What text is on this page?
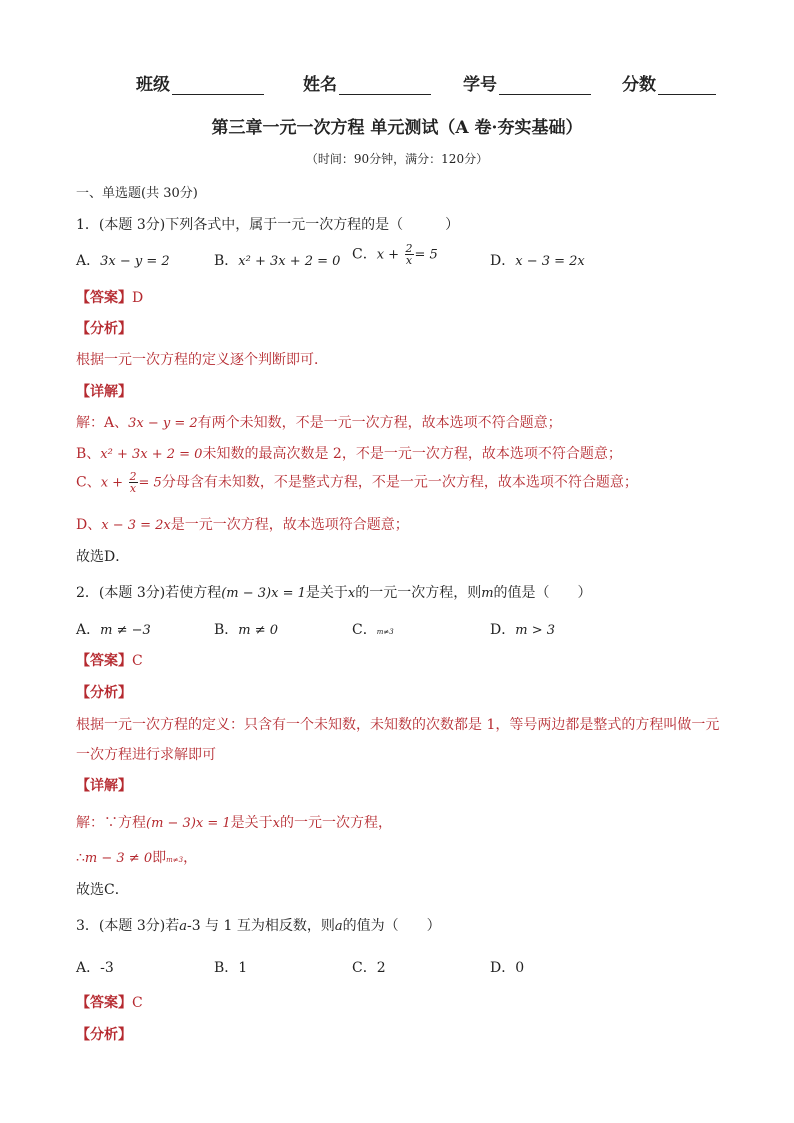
班级	姓名	学号	分数
第三章一元一次方程 单元测试（A 卷·夯实基础）
（时间：90分钟，满分：120分）
一、单选题(共 30分)
1．(本题 3分)下列各式中，属于一元一次方程的是（　　　）
A．3x − y = 2	B．x² + 3x + 2 = 0 C．$x + \frac{2}{x} = 5$	D．x − 3 = 2x
【答案】D
【分析】
根据一元一次方程的定义逐个判断即可．
【详解】
解：A、3x − y = 2有两个未知数，不是一元一次方程，故本选项不符合题意；
B、x² + 3x + 2 = 0未知数的最高次数是 2，不是一元一次方程，故本选项不符合题意；
C、$x + \frac{2}{x} = 5$分母含有未知数，不是整式方程，不是一元一次方程，故本选项不符合题意；
D、x − 3 = 2x是一元一次方程，故本选项符合题意；
故选D．
2．(本题 3分)若使方程(m − 3)x = 1是关于x的一元一次方程，则m的值是（　　）
A．m ≠ −3	B．m ≠ 0	C．m≠3	D．m > 3
【答案】C
【分析】
根据一元一次方程的定义：只含有一个未知数，未知数的次数都是 1，等号两边都是整式的方程叫做一元
一次方程进行求解即可
【详解】
解：∵方程(m − 3)x = 1是关于x的一元一次方程，
∴m − 3 ≠ 0即m≠3，
故选C．
3．(本题 3分)若a-3 与 1 互为相反数，则a的值为（　　）
A．-3	B．1	C．2	D．0
【答案】C
【分析】
